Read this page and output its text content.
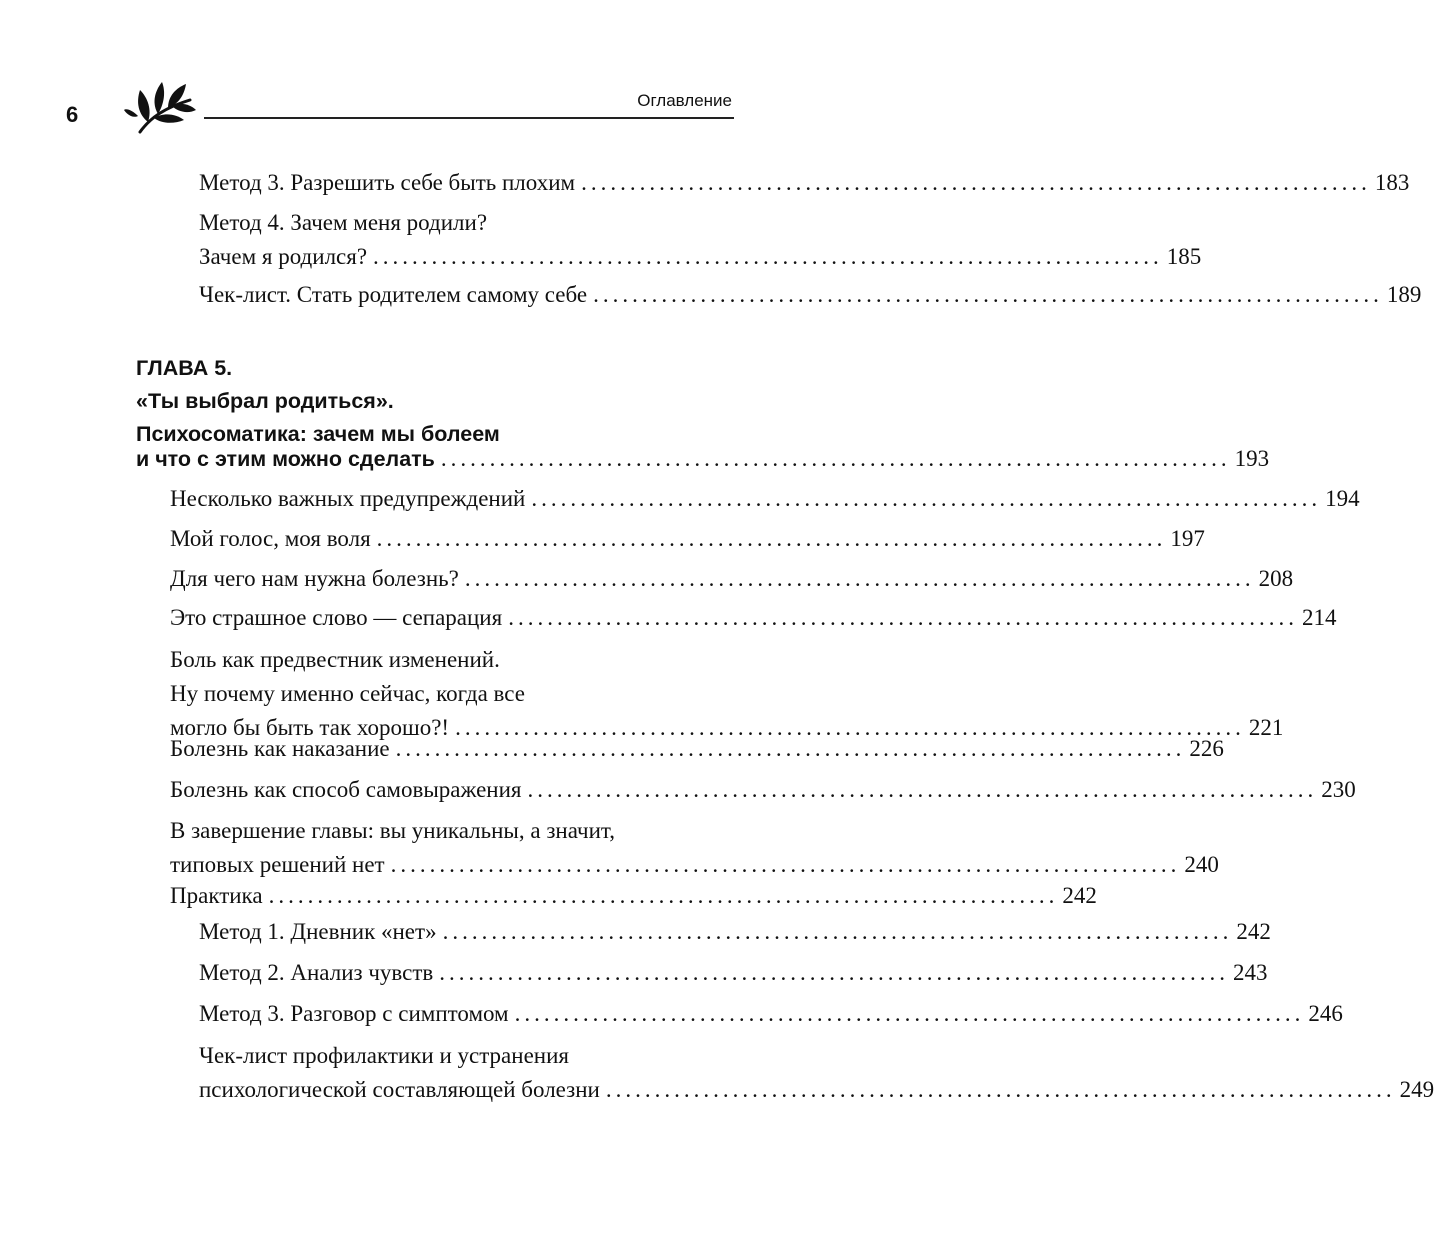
6
Оглавление
Метод 3. Разрешить себе быть плохим ................................................................................. 183
Метод 4. Зачем меня родили?
Зачем я родился? ................................................................................. 185
Чек-лист. Стать родителем самому себе ................................................................................. 189
ГЛАВА 5.
«Ты выбрал родиться».
Психосоматика: зачем мы болеем
и что с этим можно сделать ................................................................................. 193
Несколько важных предупреждений ................................................................................. 194
Мой голос, моя воля ................................................................................. 197
Для чего нам нужна болезнь? ................................................................................. 208
Это страшное слово — сепарация ................................................................................. 214
Боль как предвестник изменений.
Ну почему именно сейчас, когда все
могло бы быть так хорошо?! ................................................................................. 221
Болезнь как наказание ................................................................................. 226
Болезнь как способ самовыражения ................................................................................. 230
В завершение главы: вы уникальны, а значит,
типовых решений нет ................................................................................. 240
Практика ................................................................................. 242
Метод 1. Дневник «нет» ................................................................................. 242
Метод 2. Анализ чувств ................................................................................. 243
Метод 3. Разговор с симптомом ................................................................................. 246
Чек-лист профилактики и устранения
психологической составляющей болезни ................................................................................. 249
